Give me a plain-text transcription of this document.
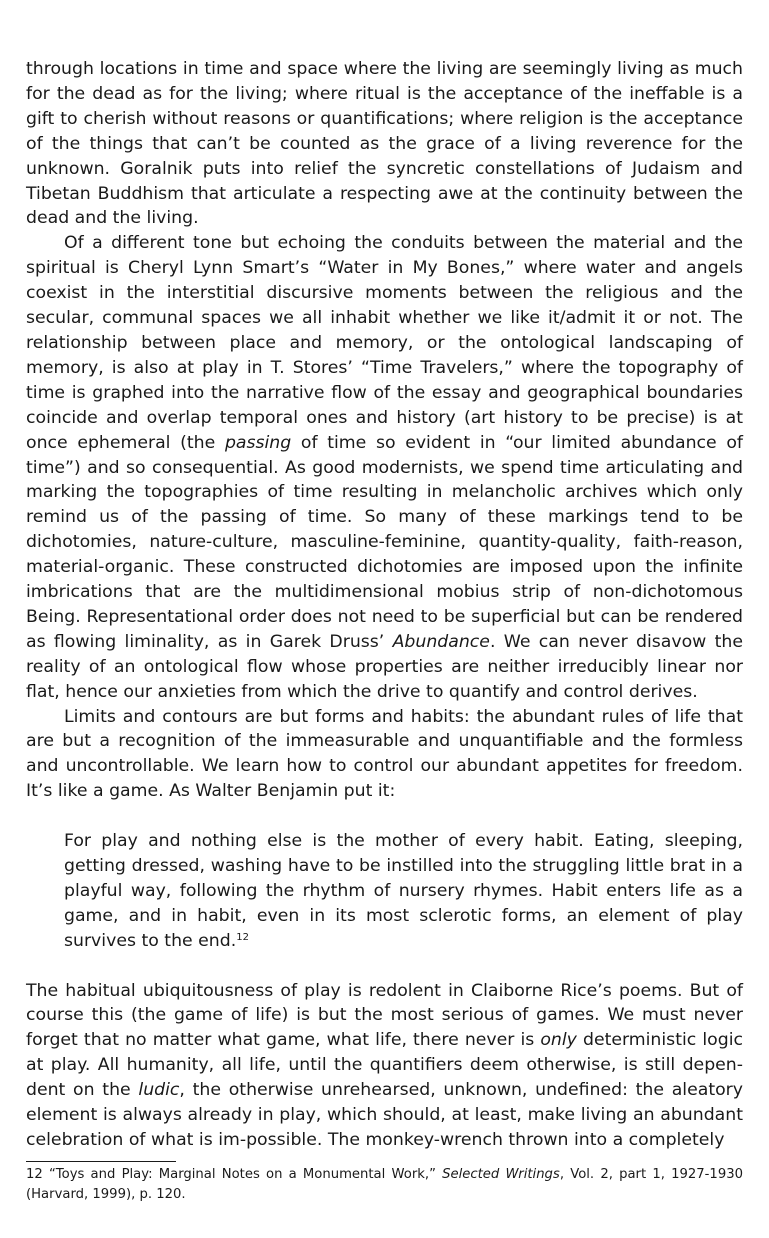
through locations in time and space where the living are seemingly living as much for the dead as for the living; where ritual is the acceptance of the ineffable is a gift to cherish without reasons or quantifications; where religion is the acceptance of the things that can’t be counted as the grace of a living reverence for the unknown. Goralnik puts into relief the syncretic constellations of Judaism and Tibetan Buddhism that articulate a respecting awe at the continuity between the dead and the living.

Of a different tone but echoing the conduits between the material and the spiritual is Cheryl Lynn Smart’s “Water in My Bones,” where water and angels coexist in the interstitial discursive moments between the religious and the secular, communal spaces we all inhabit whether we like it/admit it or not. The relationship between place and memory, or the ontological landscaping of memory, is also at play in T. Stores’ “Time Travelers,” where the topography of time is graphed into the narrative flow of the essay and geographical boundaries coincide and overlap temporal ones and history (art history to be precise) is at once ephemeral (the passing of time so evident in “our limited abundance of time”) and so consequential. As good modernists, we spend time articulating and marking the topographies of time resulting in melancholic archives which only remind us of the passing of time. So many of these markings tend to be dichotomies, nature-culture, masculine-feminine, quantity-quality, faith-reason, material-organic. These constructed dichotomies are imposed upon the infinite imbrications that are the multidimensional mobius strip of non-dichotomous Being. Representational order does not need to be superficial but can be rendered as flowing liminality, as in Garek Druss’ Abundance. We can never disavow the reality of an ontological flow whose properties are neither irreducibly linear nor flat, hence our anxieties from which the drive to quantify and control derives.

Limits and contours are but forms and habits: the abundant rules of life that are but a recognition of the immeasurable and unquantifiable and the formless and uncontrollable. We learn how to control our abundant appetites for freedom. It’s like a game. As Walter Benjamin put it:

For play and nothing else is the mother of every habit. Eating, sleeping, getting dressed, washing have to be instilled into the struggling little brat in a playful way, following the rhythm of nursery rhymes. Habit enters life as a game, and in habit, even in its most sclerotic forms, an element of play survives to the end.$^{12}$

The habitual ubiquitousness of play is redolent in Claiborne Rice’s poems. But of course this (the game of life) is but the most serious of games. We must never forget that no matter what game, what life, there never is only deterministic logic at play. All humanity, all life, until the quantifiers deem otherwise, is still dependent on the ludic, the otherwise unrehearsed, unknown, undefined: the aleatory element is always already in play, which should, at least, make living an abundant celebration of what is im-possible. The monkey-wrench thrown into a completely

12 “Toys and Play: Marginal Notes on a Monumental Work,” Selected Writings, Vol. 2, part 1, 1927-1930 (Harvard, 1999), p. 120.
